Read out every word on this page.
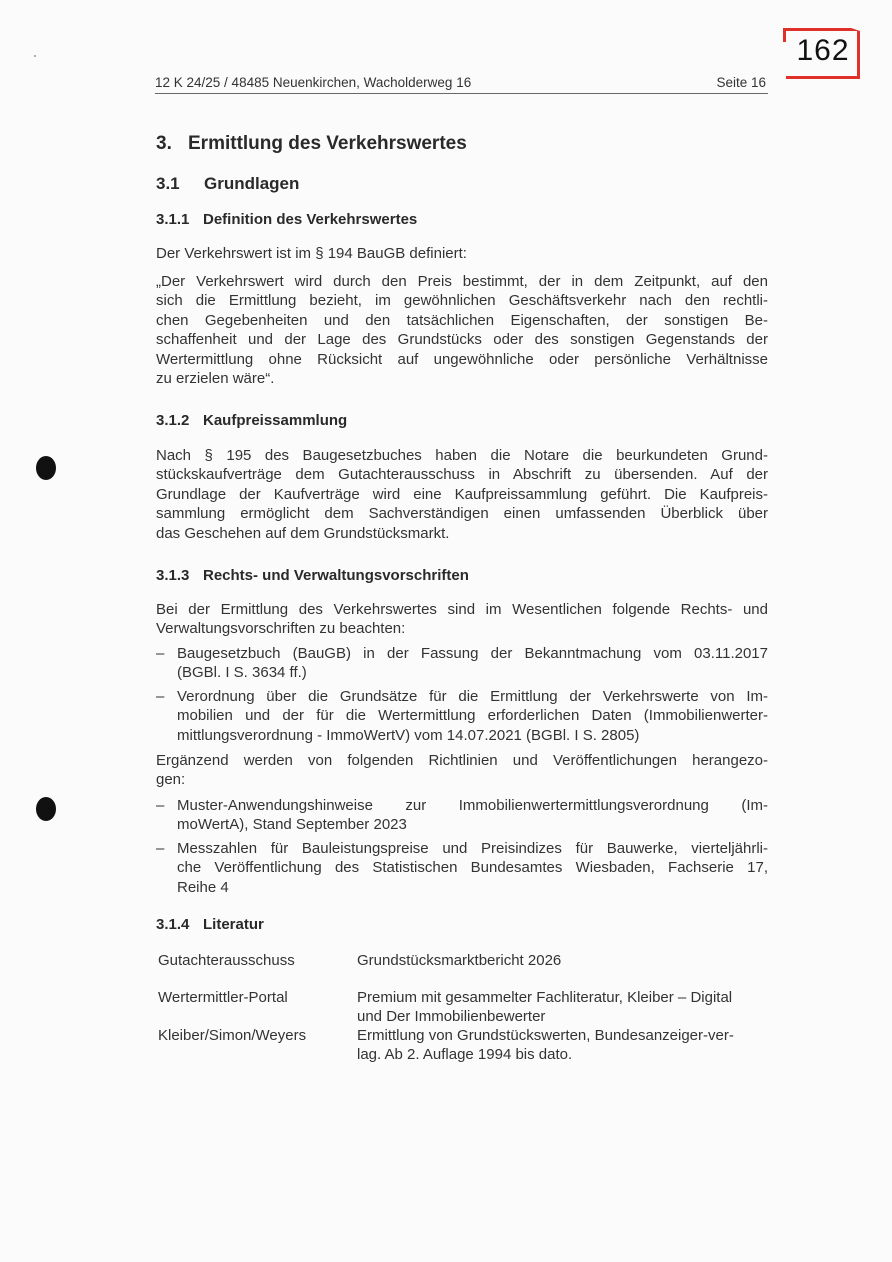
162
12 K 24/25 / 48485 Neuenkirchen, Wacholderweg 16	Seite 16
3. Ermittlung des Verkehrswertes
3.1 Grundlagen
3.1.1 Definition des Verkehrswertes

Der Verkehrswert ist im § 194 BauGB definiert:

„Der Verkehrswert wird durch den Preis bestimmt, der in dem Zeitpunkt, auf den
sich die Ermittlung bezieht, im gewöhnlichen Geschäftsverkehr nach den rechtli-
chen Gegebenheiten und den tatsächlichen Eigenschaften, der sonstigen Be-
schaffenheit und der Lage des Grundstücks oder des sonstigen Gegenstands der
Wertermittlung ohne Rücksicht auf ungewöhnliche oder persönliche Verhältnisse
zu erzielen wäre“.

3.1.2 Kaufpreissammlung

Nach § 195 des Baugesetzbuches haben die Notare die beurkundeten Grund-
stückskaufverträge dem Gutachterausschuss in Abschrift zu übersenden. Auf der
Grundlage der Kaufverträge wird eine Kaufpreissammlung geführt. Die Kaufpreis-
sammlung ermöglicht dem Sachverständigen einen umfassenden Überblick über
das Geschehen auf dem Grundstücksmarkt.

3.1.3 Rechts- und Verwaltungsvorschriften

Bei der Ermittlung des Verkehrswertes sind im Wesentlichen folgende Rechts- und
Verwaltungsvorschriften zu beachten:

– Baugesetzbuch (BauGB) in der Fassung der Bekanntmachung vom 03.11.2017
(BGBl. I S. 3634 ff.)
– Verordnung über die Grundsätze für die Ermittlung der Verkehrswerte von Im-
mobilien und der für die Wertermittlung erforderlichen Daten (Immobilienwerter-
mittlungsverordnung - ImmoWertV) vom 14.07.2021 (BGBl. I S. 2805)

Ergänzend werden von folgenden Richtlinien und Veröffentlichungen herangezo-
gen:

– Muster-Anwendungshinweise zur Immobilienwertermittlungsverordnung (Im-
moWertA), Stand September 2023
– Messzahlen für Bauleistungspreise und Preisindizes für Bauwerke, vierteljährli-
che Veröffentlichung des Statistischen Bundesamtes Wiesbaden, Fachserie 17,
Reihe 4
3.1.4 Literatur
Gutachterausschuss	Grundstücksmarktbericht 2026
Wertermittler-Portal	Premium mit gesammelter Fachliteratur, Kleiber – Digital
und Der Immobilienbewerter
Kleiber/Simon/Weyers	Ermittlung von Grundstückswerten, Bundesanzeiger-ver-
lag. Ab 2. Auflage 1994 bis dato.
